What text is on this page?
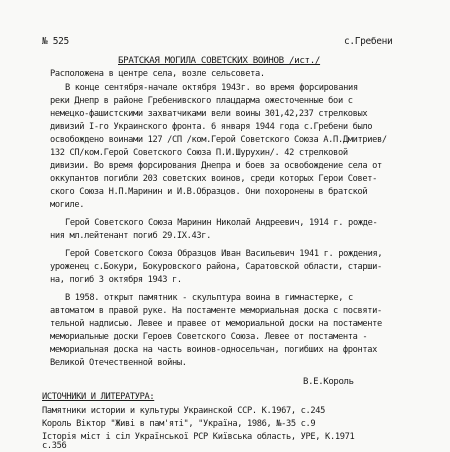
№ 525	с.Гребени
БРАТСКАЯ МОГИЛА СОВЕТСКИХ ВОИНОВ /ист./
Расположена в центре села, возле сельсовета.
В конце сентября-начале октября 1943г. во время форсирования
реки Днепр в районе Гребенивского плацдарма ожесточенные бои с
немецко-фашистскими захватчиками вели воины 301,42,237 стрелковых
дивизий I-го Украинского фронта. 6 января 1944 года с.Гребени было
освобождено воинами 127 /СП /ком.Герой Советского Союза А.П.Дмитриев/
132 СП/ком.Герой Советского Союза П.И.Шурухин/. 42 стрелковой
дивизии. Во время форсирования Днепра и боев за освобождение села от
оккупантов погибли 203 советских воинов, среди которых Герои Совет-
ского Союза Н.П.Маринин и И.В.Образцов. Они похоронены в братской
могиле.
Герой Советского Союза Маринин Николай Андреевич, 1914 г. рожде-
ния мл.лейтенант погиб 29.IX.43г.
Герой Советского Союза Образцов Иван Васильевич 1941 г. рождения,
уроженец с.Бокури, Бокуровского района, Саратовской области, старши-
на, погиб 3 октября 1943 г.
В 1958. открыт памятник - скульптура воина в гимнастерке, с
автоматом в правой руке. На постаменте мемориальная доска с посвяти-
тельной надписью. Левее и правее от мемориальной доски на постаменте
мемориальные доски Героев Советского Союза. Левее от постамента -
мемориальная доска на часть воинов-односельчан, погибших на фронтах
Великой Отечественной войны.
В.Е.Король
ИСТОЧНИКИ И ЛИТЕРАТУРА:
Памятники истории и культуры Украинской ССР. К.1967, с.245
Король Віктор "Живі в пам'яті", "Україна, 1986, №-35 с.9
Історія міст і сіл Української РСР Київська область, УРЕ, К.1971
с.356
